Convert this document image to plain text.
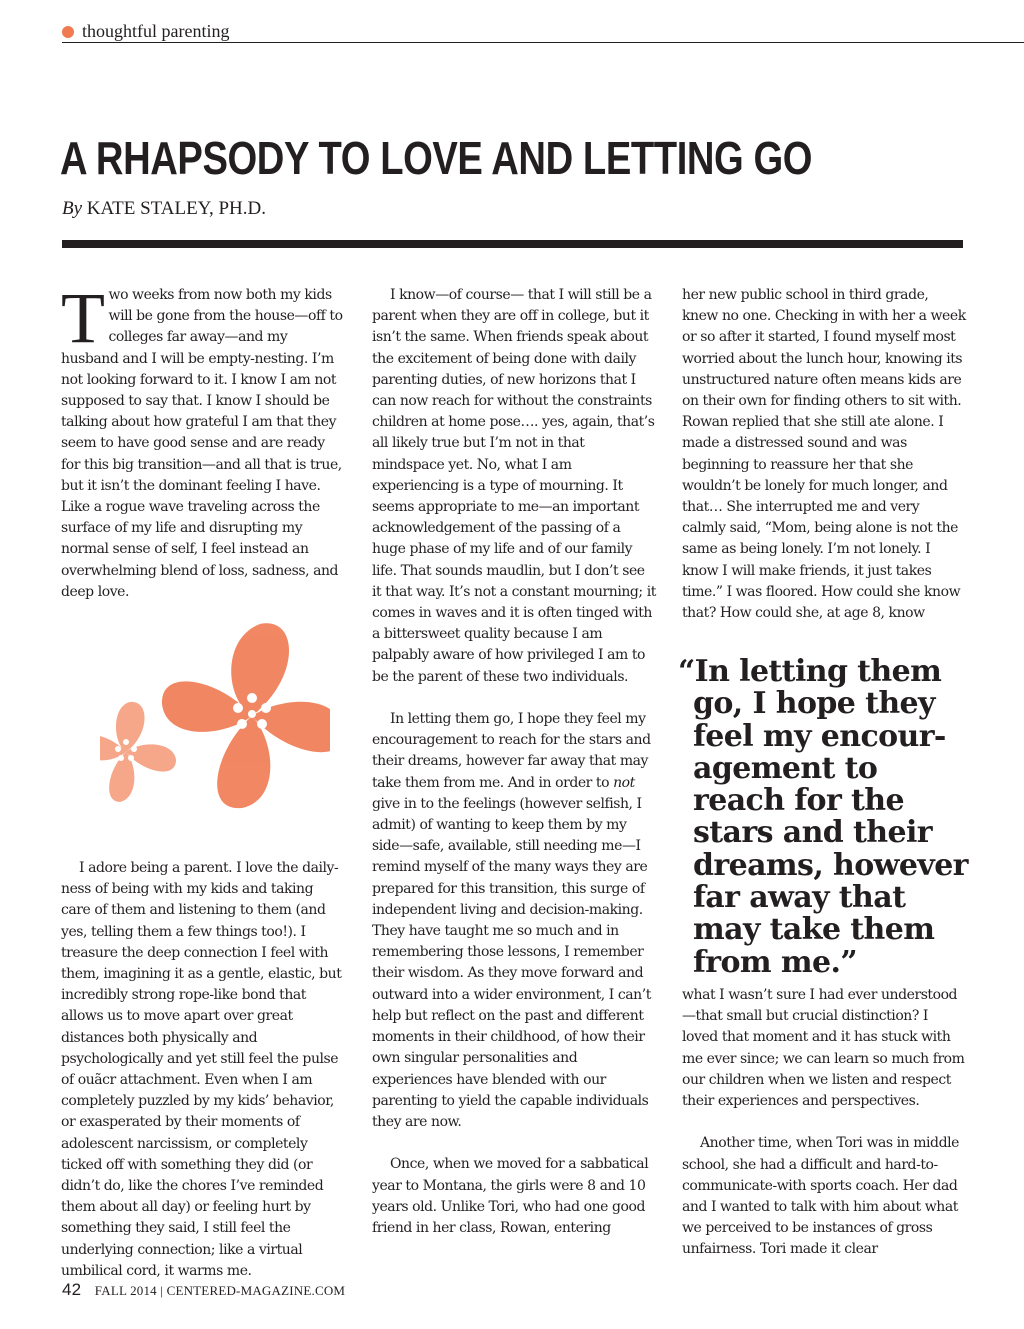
thoughtful parenting
A RHAPSODY TO LOVE AND LETTING GO
By KATE STALEY, PH.D.

Two weeks from now both my kids will be gone from the house—off to colleges far away—and my husband and I will be empty-nesting. I’m not looking forward to it. I know I am not supposed to say that. I know I should be talking about how grateful I am that they seem to have good sense and are ready for this big transition—and all that is true, but it isn’t the dominant feeling I have. Like a rogue wave traveling across the surface of my life and disrupting my normal sense of self, I feel instead an overwhelming blend of loss, sadness, and deep love.

I adore being a parent. I love the daily-ness of being with my kids and taking care of them and listening to them (and yes, telling them a few things too!). I treasure the deep connection I feel with them, imagining it as a gentle, elastic, but incredibly strong rope-like bond that allows us to move apart over great distances both physically and psychologically and yet still feel the pulse of ouãcr attachment. Even when I am completely puzzled by my kids’ behavior, or exasperated by their moments of adolescent narcissism, or completely ticked off with something they did (or didn’t do, like the chores I’ve reminded them about all day) or feeling hurt by something they said, I still feel the underlying connection; like a virtual umbilical cord, it warms me.

I know—of course— that I will still be a parent when they are off in college, but it isn’t the same. When friends speak about the excitement of being done with daily parenting duties, of new horizons that I can now reach for without the constraints children at home pose…. yes, again, that’s all likely true but I’m not in that mindspace yet. No, what I am experiencing is a type of mourning. It seems appropriate to me—an important acknowledgement of the passing of a huge phase of my life and of our family life. That sounds maudlin, but I don’t see it that way. It’s not a constant mourning; it comes in waves and it is often tinged with a bittersweet quality because I am palpably aware of how privileged I am to be the parent of these two individuals.

In letting them go, I hope they feel my encouragement to reach for the stars and their dreams, however far away that may take them from me. And in order to not give in to the feelings (however selfish, I admit) of wanting to keep them by my side—safe, available, still needing me—I remind myself of the many ways they are prepared for this transition, this surge of independent living and decision-making. They have taught me so much and in remembering those lessons, I remember their wisdom. As they move forward and outward into a wider environment, I can’t help but reflect on the past and different moments in their childhood, of how their own singular personalities and experiences have blended with our parenting to yield the capable individuals they are now.

Once, when we moved for a sabbatical year to Montana, the girls were 8 and 10 years old. Unlike Tori, who had one good friend in her class, Rowan, entering

her new public school in third grade, knew no one. Checking in with her a week or so after it started, I found myself most worried about the lunch hour, knowing its unstructured nature often means kids are on their own for finding others to sit with. Rowan replied that she still ate alone. I made a distressed sound and was beginning to reassure her that she wouldn’t be lonely for much longer, and that… She interrupted me and very calmly said, “Mom, being alone is not the same as being lonely. I’m not lonely. I know I will make friends, it just takes time.” I was floored. How could she know that? How could she, at age 8, know

“In letting them
go, I hope they feel my encour-agement to reach for the stars and their dreams, however far away that may take them from me.”

what I wasn’t sure I had ever understood—that small but crucial distinction? I loved that moment and it has stuck with me ever since; we can learn so much from our children when we listen and respect their experiences and perspectives.

Another time, when Tori was in middle school, she had a difficult and hard-to-communicate-with sports coach. Her dad and I wanted to talk with him about what we perceived to be instances of gross unfairness. Tori made it clear

42 FALL 2014 | CENTERED-MAGAZINE.COM
